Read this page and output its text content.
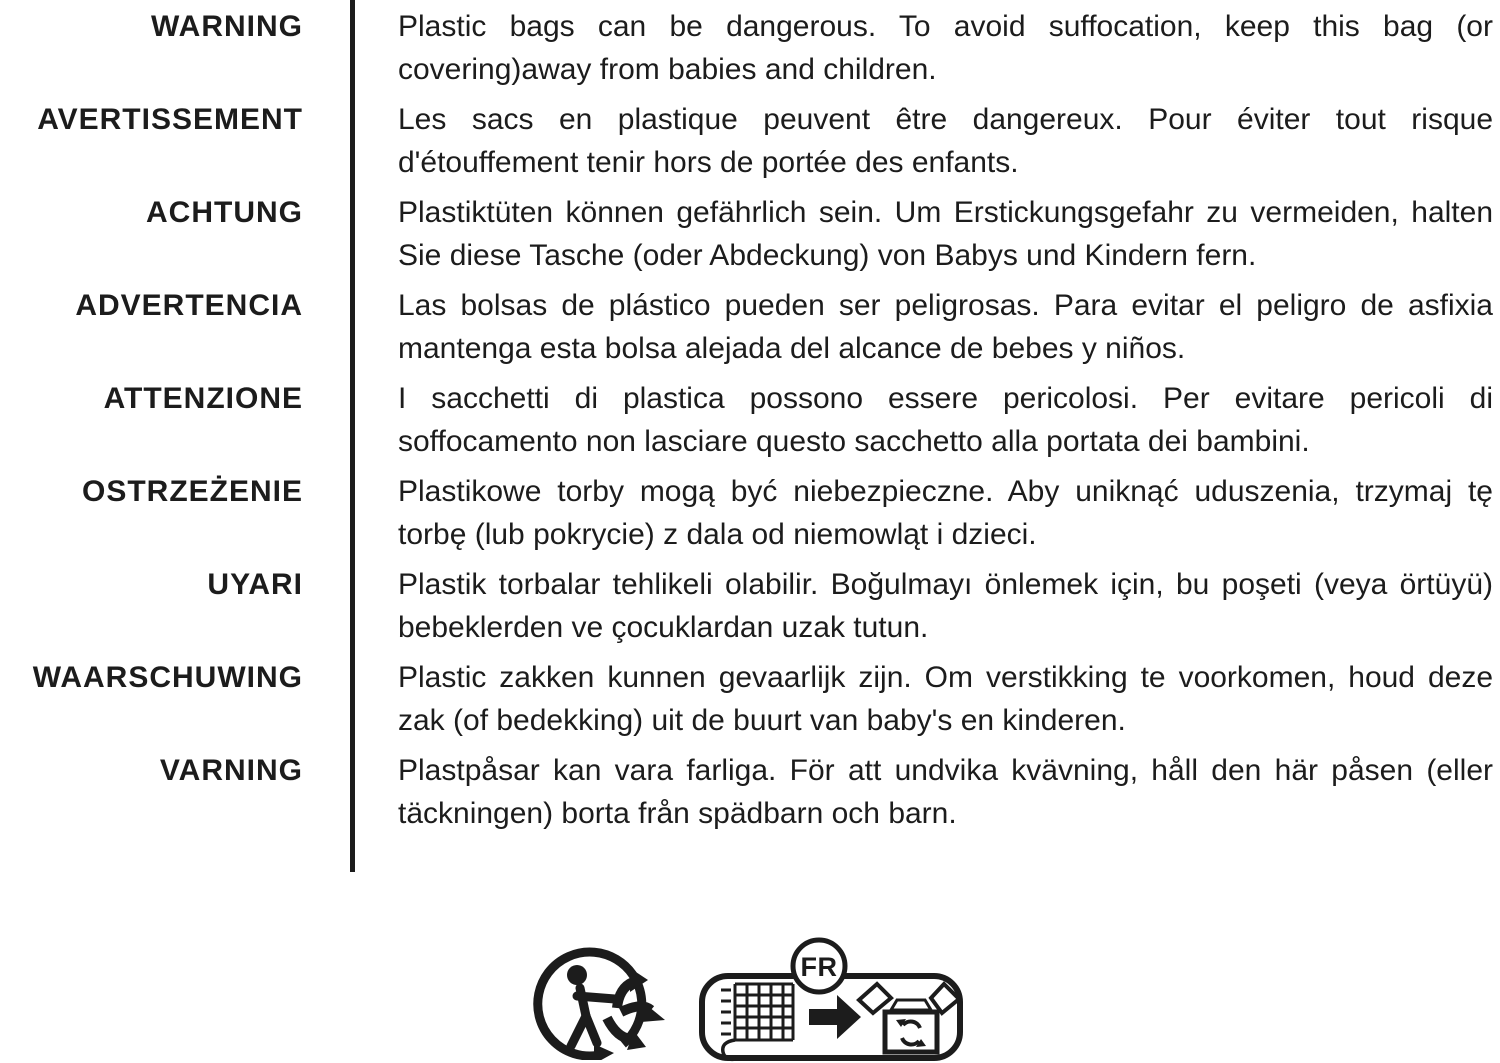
WARNING	Plastic bags can be dangerous. To avoid suffocation, keep this bag (or covering)away from babies and children.
AVERTISSEMENT	Les sacs en plastique peuvent être dangereux. Pour éviter tout risque d'étouffement tenir hors de portée des enfants.
ACHTUNG	Plastiktüten können gefährlich sein. Um Erstickungsgefahr zu vermeiden, halten Sie diese Tasche (oder Abdeckung) von Babys und Kindern fern.
ADVERTENCIA	Las bolsas de plástico pueden ser peligrosas. Para evitar el peligro de asfixia mantenga esta bolsa alejada del alcance de bebes y niños.
ATTENZIONE	I sacchetti di plastica possono essere pericolosi. Per evitare pericoli di soffocamento non lasciare questo sacchetto alla portata dei bambini.
OSTRZEŻENIE	Plastikowe torby mogą być niebezpieczne. Aby uniknąć uduszenia, trzymaj tę torbę (lub pokrycie) z dala od niemowląt i dzieci.
UYARI	Plastik torbalar tehlikeli olabilir. Boğulmayı önlemek için, bu poşeti (veya örtüyü) bebeklerden ve çocuklardan uzak tutun.
WAARSCHUWING	Plastic zakken kunnen gevaarlijk zijn. Om verstikking te voorkomen, houd deze zak (of bedekking) uit de buurt van baby's en kinderen.
VARNING	Plastpåsar kan vara farliga. För att undvika kvävning, håll den här påsen (eller täckningen) borta från spädbarn och barn.
FR
